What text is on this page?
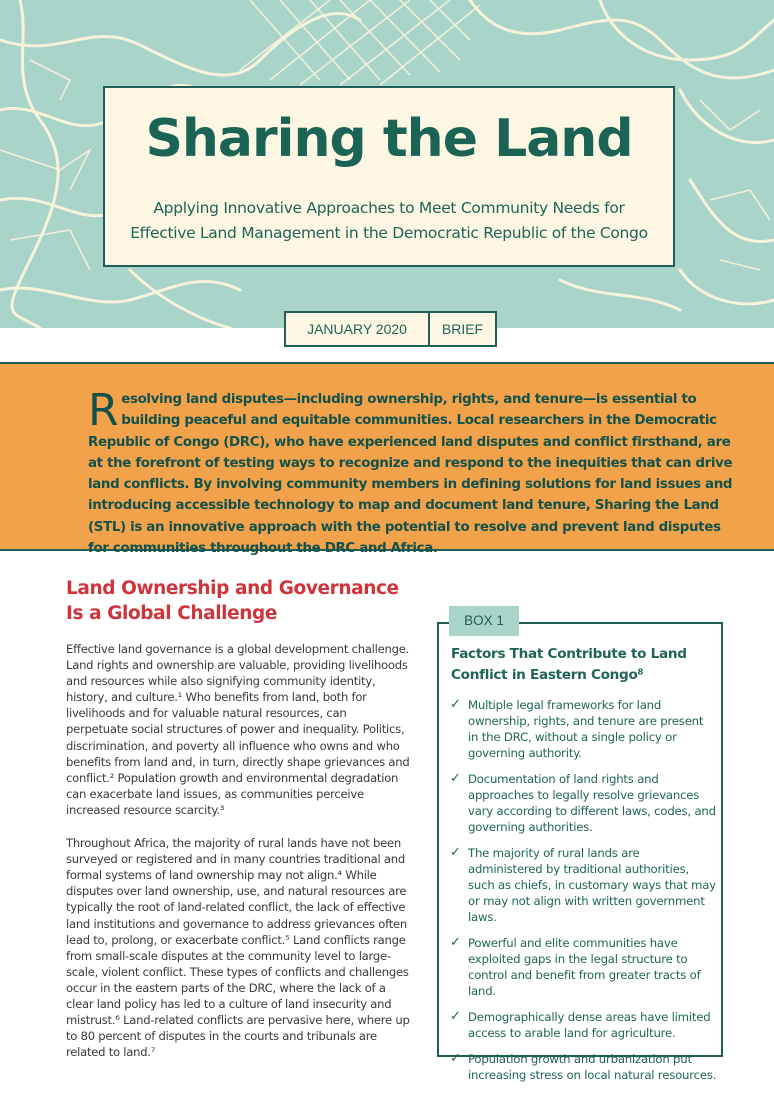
Sharing the Land
Applying Innovative Approaches to Meet Community Needs for Effective Land Management in the Democratic Republic of the Congo
JANUARY 2020	BRIEF

Resolving land disputes—including ownership, rights, and tenure—is essential to building peaceful and equitable communities. Local researchers in the Democratic Republic of Congo (DRC), who have experienced land disputes and conflict firsthand, are at the forefront of testing ways to recognize and respond to the inequities that can drive land conflicts. By involving community members in defining solutions for land issues and introducing accessible technology to map and document land tenure, Sharing the Land (STL) is an innovative approach with the potential to resolve and prevent land disputes for communities throughout the DRC and Africa.

Land Ownership and Governance Is a Global Challenge

Effective land governance is a global development challenge. Land rights and ownership are valuable, providing livelihoods and resources while also signifying community identity, history, and culture.¹ Who benefits from land, both for livelihoods and for valuable natural resources, can perpetuate social structures of power and inequality. Politics, discrimination, and poverty all influence who owns and who benefits from land and, in turn, directly shape grievances and conflict.² Population growth and environmental degradation can exacerbate land issues, as communities perceive increased resource scarcity.³

Throughout Africa, the majority of rural lands have not been surveyed or registered and in many countries traditional and formal systems of land ownership may not align.⁴ While disputes over land ownership, use, and natural resources are typically the root of land-related conflict, the lack of effective land institutions and governance to address grievances often lead to, prolong, or exacerbate conflict.⁵ Land conflicts range from small-scale disputes at the community level to large-scale, violent conflict. These types of conflicts and challenges occur in the eastern parts of the DRC, where the lack of a clear land policy has led to a culture of land insecurity and mistrust.⁶ Land-related conflicts are pervasive here, where up to 80 percent of disputes in the courts and tribunals are related to land.⁷

BOX 1
Factors That Contribute to Land Conflict in Eastern Congo⁸
✓ Multiple legal frameworks for land ownership, rights, and tenure are present in the DRC, without a single policy or governing authority.
✓ Documentation of land rights and approaches to legally resolve grievances vary according to different laws, codes, and governing authorities.
✓ The majority of rural lands are administered by traditional authorities, such as chiefs, in customary ways that may or may not align with written government laws.
✓ Powerful and elite communities have exploited gaps in the legal structure to control and benefit from greater tracts of land.
✓ Demographically dense areas have limited access to arable land for agriculture.
✓ Population growth and urbanization put increasing stress on local natural resources.
